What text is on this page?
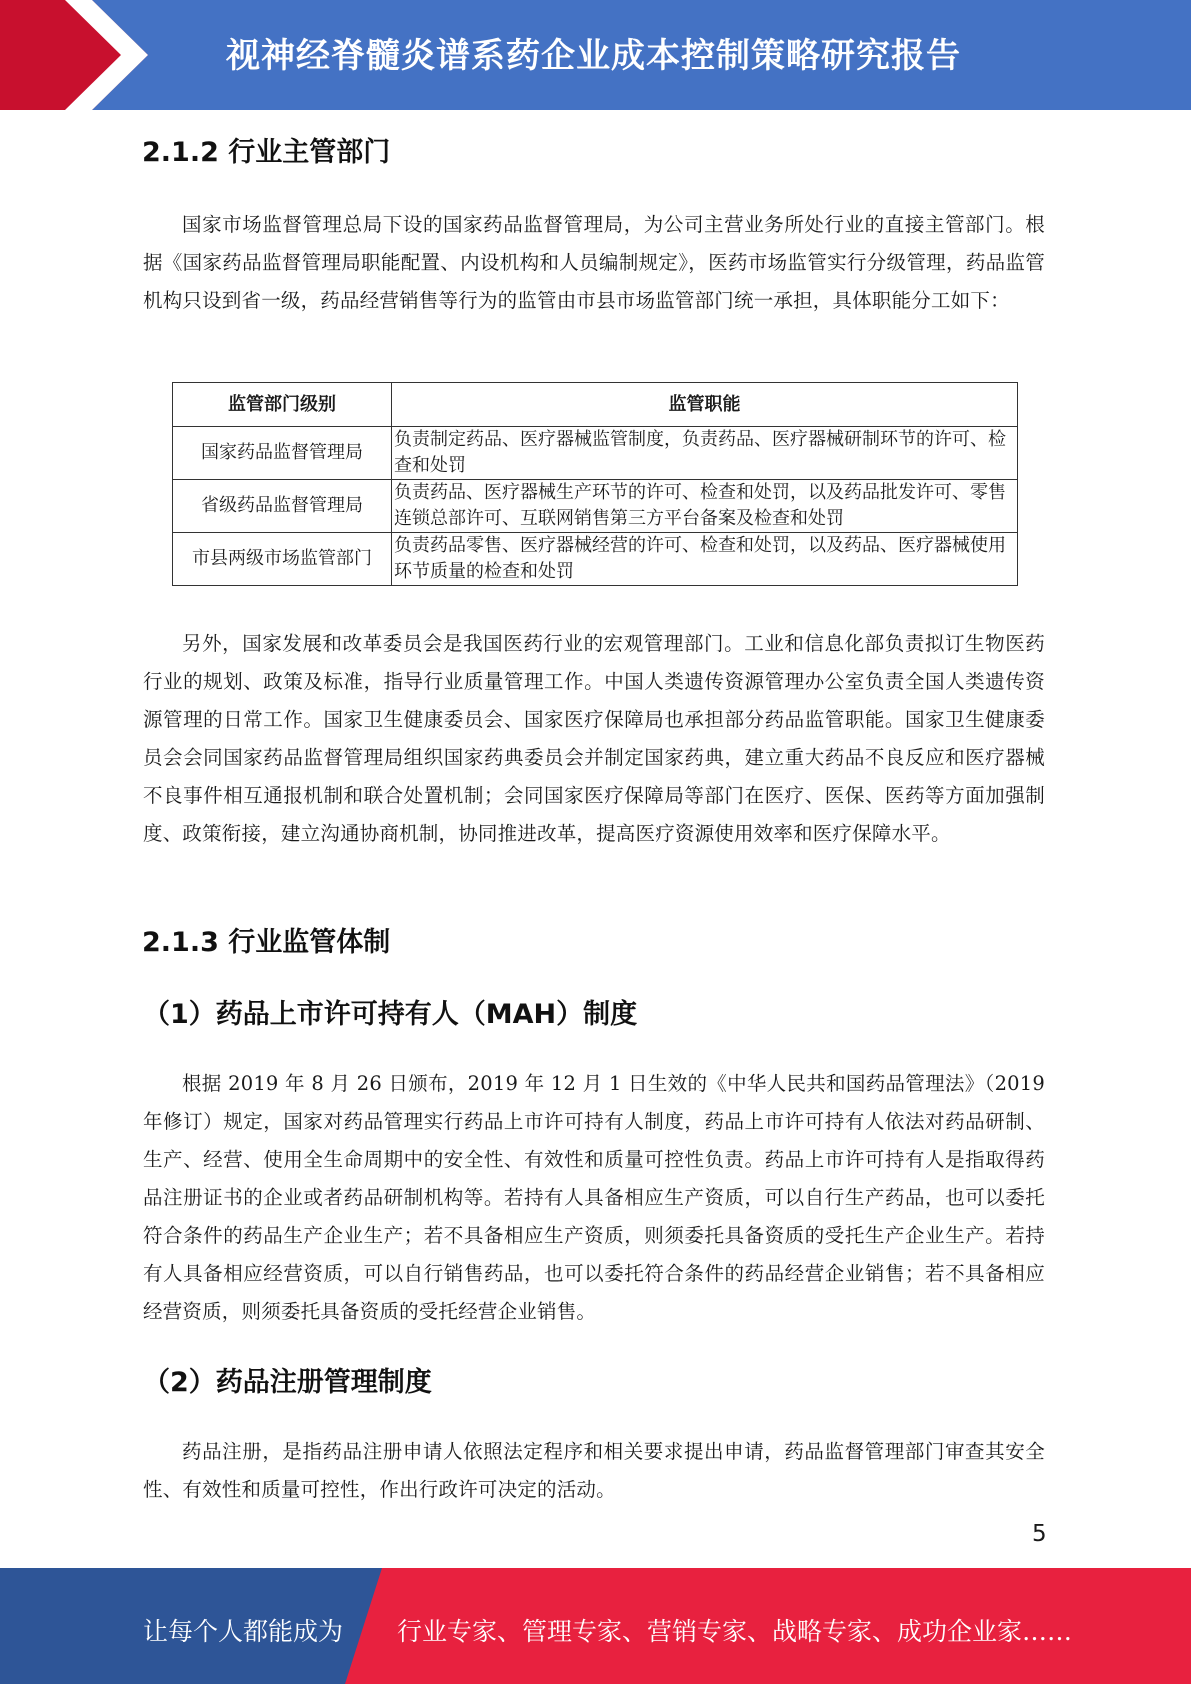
视神经脊髓炎谱系药企业成本控制策略研究报告
2.1.2 行业主管部门

国家市场监督管理总局下设的国家药品监督管理局，为公司主营业务所处行业的直接主管部门。根据《国家药品监督管理局职能配置、内设机构和人员编制规定》，医药市场监管实行分级管理，药品监管机构只设到省一级，药品经营销售等行为的监管由市县市场监管部门统一承担，具体职能分工如下：

监管部门级别	监管职能
国家药品监督管理局	负责制定药品、医疗器械监管制度，负责药品、医疗器械研制环节的许可、检查和处罚
省级药品监督管理局	负责药品、医疗器械生产环节的许可、检查和处罚，以及药品批发许可、零售连锁总部许可、互联网销售第三方平台备案及检查和处罚
市县两级市场监管部门	负责药品零售、医疗器械经营的许可、检查和处罚，以及药品、医疗器械使用环节质量的检查和处罚

另外，国家发展和改革委员会是我国医药行业的宏观管理部门。工业和信息化部负责拟订生物医药行业的规划、政策及标准，指导行业质量管理工作。中国人类遗传资源管理办公室负责全国人类遗传资源管理的日常工作。国家卫生健康委员会、国家医疗保障局也承担部分药品监管职能。国家卫生健康委员会会同国家药品监督管理局组织国家药典委员会并制定国家药典，建立重大药品不良反应和医疗器械不良事件相互通报机制和联合处置机制；会同国家医疗保障局等部门在医疗、医保、医药等方面加强制度、政策衔接，建立沟通协商机制，协同推进改革，提高医疗资源使用效率和医疗保障水平。

2.1.3 行业监管体制
（1）药品上市许可持有人（MAH）制度

根据 2019 年 8 月 26 日颁布，2019 年 12 月 1 日生效的《中华人民共和国药品管理法》（2019 年修订）规定，国家对药品管理实行药品上市许可持有人制度，药品上市许可持有人依法对药品研制、生产、经营、使用全生命周期中的安全性、有效性和质量可控性负责。药品上市许可持有人是指取得药品注册证书的企业或者药品研制机构等。若持有人具备相应生产资质，可以自行生产药品，也可以委托符合条件的药品生产企业生产；若不具备相应生产资质，则须委托具备资质的受托生产企业生产。若持有人具备相应经营资质，可以自行销售药品，也可以委托符合条件的药品经营企业销售；若不具备相应经营资质，则须委托具备资质的受托经营企业销售。

（2）药品注册管理制度

药品注册，是指药品注册申请人依照法定程序和相关要求提出申请，药品监督管理部门审查其安全性、有效性和质量可控性，作出行政许可决定的活动。

5
让每个人都能成为 行业专家、管理专家、营销专家、战略专家、成功企业家……
